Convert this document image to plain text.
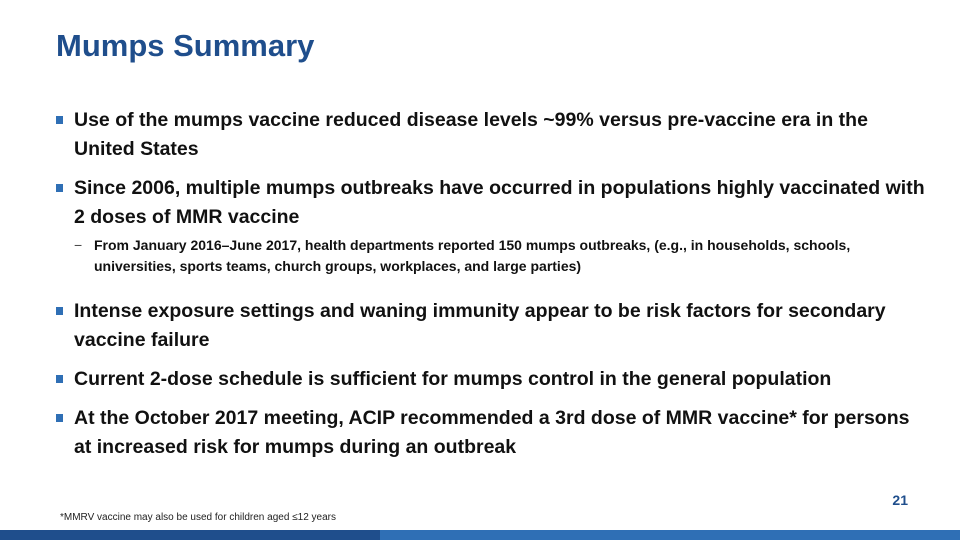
Mumps Summary
Use of the mumps vaccine reduced disease levels ~99% versus pre-vaccine era in the United States
Since 2006, multiple mumps outbreaks have occurred in populations highly vaccinated with 2 doses of MMR vaccine
− From January 2016–June 2017, health departments reported 150 mumps outbreaks, (e.g., in households, schools, universities, sports teams, church groups, workplaces, and large parties)
Intense exposure settings and waning immunity appear to be risk factors for secondary vaccine failure
Current 2-dose schedule is sufficient for mumps control in the general population
At the October 2017 meeting, ACIP recommended a 3rd dose of MMR vaccine* for persons at increased risk for mumps during an outbreak
*MMRV vaccine may also be used for children aged ≤12 years
21
